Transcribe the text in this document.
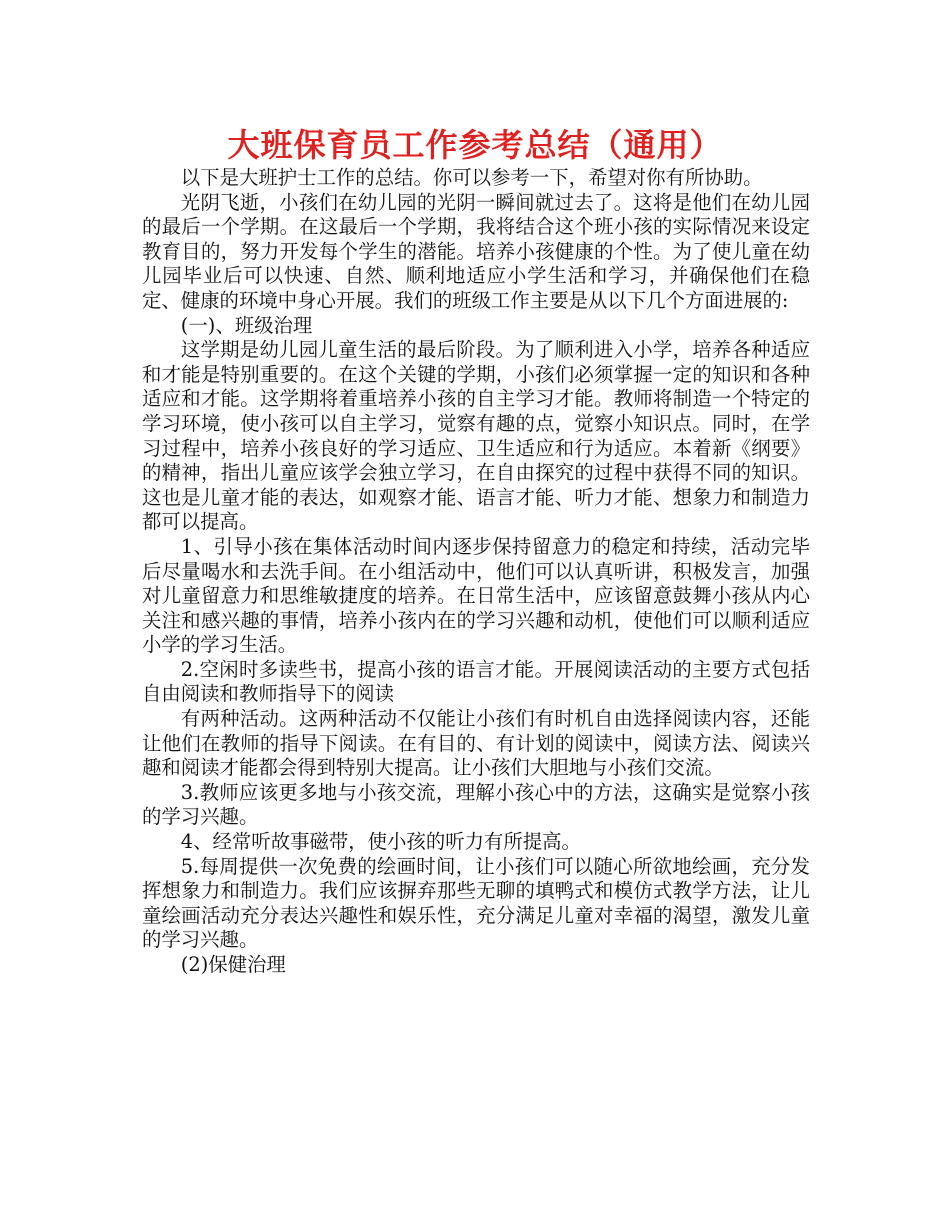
大班保育员工作参考总结（通用）

以下是大班护士工作的总结。你可以参考一下，希望对你有所协助。

光阴飞逝，小孩们在幼儿园的光阴一瞬间就过去了。这将是他们在幼儿园的最后一个学期。在这最后一个学期，我将结合这个班小孩的实际情况来设定教育目的，努力开发每个学生的潜能。培养小孩健康的个性。为了使儿童在幼儿园毕业后可以快速、自然、顺利地适应小学生活和学习，并确保他们在稳定、健康的环境中身心开展。我们的班级工作主要是从以下几个方面进展的:

(一)、班级治理

这学期是幼儿园儿童生活的最后阶段。为了顺利进入小学，培养各种适应和才能是特别重要的。在这个关键的学期，小孩们必须掌握一定的知识和各种适应和才能。这学期将着重培养小孩的自主学习才能。教师将制造一个特定的学习环境，使小孩可以自主学习，觉察有趣的点，觉察小知识点。同时，在学习过程中，培养小孩良好的学习适应、卫生适应和行为适应。本着新《纲要》的精神，指出儿童应该学会独立学习，在自由探究的过程中获得不同的知识。这也是儿童才能的表达，如观察才能、语言才能、听力才能、想象力和制造力都可以提高。

1、引导小孩在集体活动时间内逐步保持留意力的稳定和持续，活动完毕后尽量喝水和去洗手间。在小组活动中，他们可以认真听讲，积极发言，加强对儿童留意力和思维敏捷度的培养。在日常生活中，应该留意鼓舞小孩从内心关注和感兴趣的事情，培养小孩内在的学习兴趣和动机，使他们可以顺利适应小学的学习生活。

2.空闲时多读些书，提高小孩的语言才能。开展阅读活动的主要方式包括自由阅读和教师指导下的阅读

有两种活动。这两种活动不仅能让小孩们有时机自由选择阅读内容，还能让他们在教师的指导下阅读。在有目的、有计划的阅读中，阅读方法、阅读兴趣和阅读才能都会得到特别大提高。让小孩们大胆地与小孩们交流。

3.教师应该更多地与小孩交流，理解小孩心中的方法，这确实是觉察小孩的学习兴趣。

4、经常听故事磁带，使小孩的听力有所提高。

5.每周提供一次免费的绘画时间，让小孩们可以随心所欲地绘画，充分发挥想象力和制造力。我们应该摒弃那些无聊的填鸭式和模仿式教学方法，让儿童绘画活动充分表达兴趣性和娱乐性，充分满足儿童对幸福的渴望，激发儿童的学习兴趣。

(2)保健治理
